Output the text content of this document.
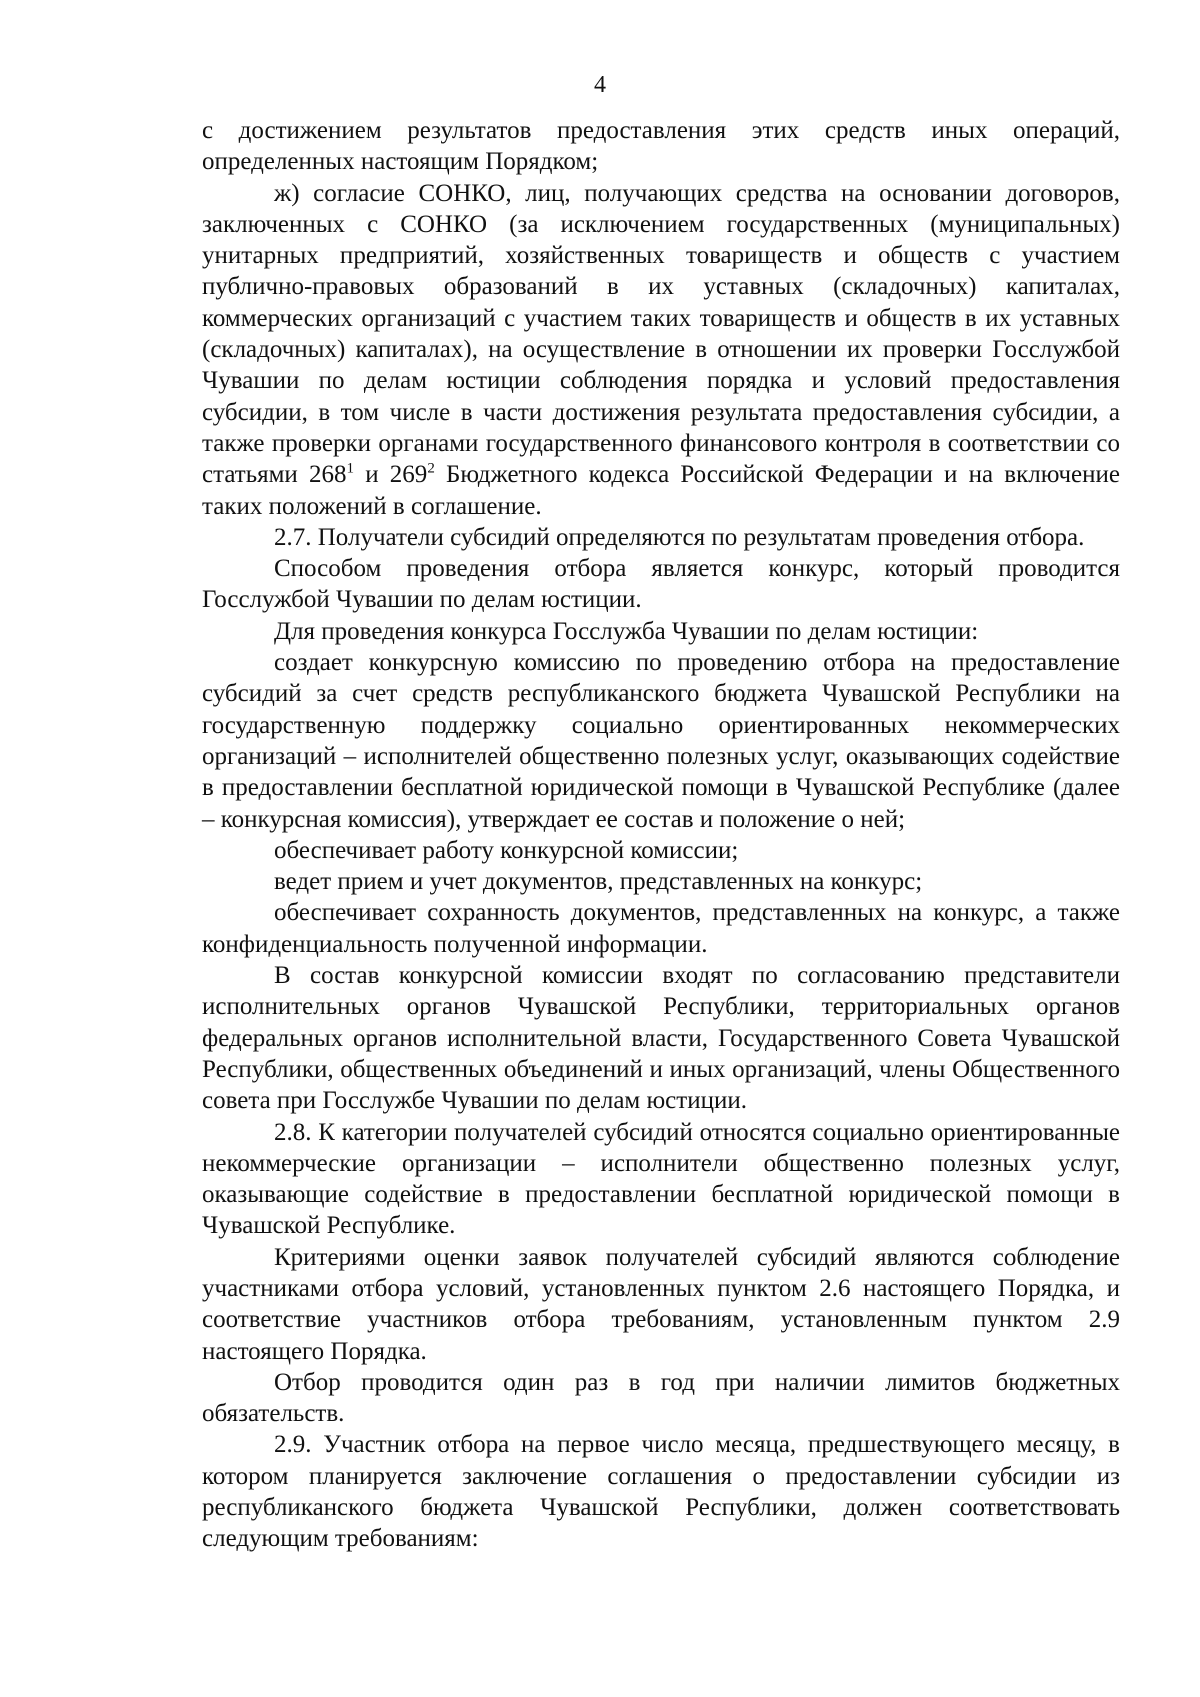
4

с достижением результатов предоставления этих средств иных операций, определенных настоящим Порядком;

ж) согласие СОНКО, лиц, получающих средства на основании договоров, заключенных с СОНКО (за исключением государственных (муниципальных) унитарных предприятий, хозяйственных товариществ и обществ с участием публично-правовых образований в их уставных (складочных) капиталах, коммерческих организаций с участием таких товариществ и обществ в их уставных (складочных) капиталах), на осуществление в отношении их проверки Госслужбой Чувашии по делам юстиции соблюдения порядка и условий предоставления субсидии, в том числе в части достижения результата предоставления субсидии, а также проверки органами государственного финансового контроля в соответствии со статьями $268^1$ и $269^2$ Бюджетного кодекса Российской Федерации и на включение таких положений в соглашение.

2.7. Получатели субсидий определяются по результатам проведения отбора.

Способом проведения отбора является конкурс, который проводится Госслужбой Чувашии по делам юстиции.

Для проведения конкурса Госслужба Чувашии по делам юстиции:

создает конкурсную комиссию по проведению отбора на предоставление субсидий за счет средств республиканского бюджета Чувашской Республики на государственную поддержку социально ориентированных некоммерческих организаций – исполнителей общественно полезных услуг, оказывающих содействие в предоставлении бесплатной юридической помощи в Чувашской Республике (далее – конкурсная комиссия), утверждает ее состав и положение о ней;

обеспечивает работу конкурсной комиссии;

ведет прием и учет документов, представленных на конкурс;

обеспечивает сохранность документов, представленных на конкурс, а также конфиденциальность полученной информации.

В состав конкурсной комиссии входят по согласованию представители исполнительных органов Чувашской Республики, территориальных органов федеральных органов исполнительной власти, Государственного Совета Чувашской Республики, общественных объединений и иных организаций, члены Общественного совета при Госслужбе Чувашии по делам юстиции.

2.8. К категории получателей субсидий относятся социально ориентированные некоммерческие организации – исполнители общественно полезных услуг, оказывающие содействие в предоставлении бесплатной юридической помощи в Чувашской Республике.

Критериями оценки заявок получателей субсидий являются соблюдение участниками отбора условий, установленных пунктом 2.6 настоящего Порядка, и соответствие участников отбора требованиям, установленным пунктом 2.9 настоящего Порядка.

Отбор проводится один раз в год при наличии лимитов бюджетных обязательств.

2.9. Участник отбора на первое число месяца, предшествующего месяцу, в котором планируется заключение соглашения о предоставлении субсидии из республиканского бюджета Чувашской Республики, должен соответствовать следующим требованиям:
